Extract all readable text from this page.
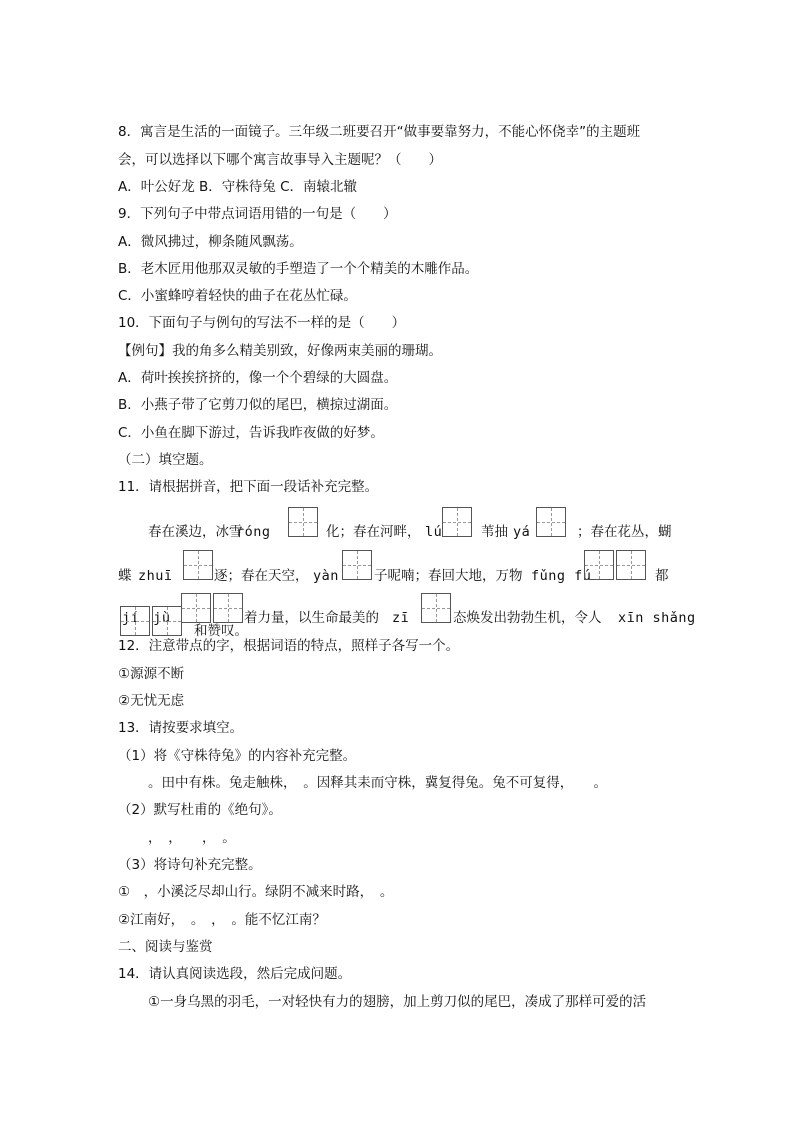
8．寓言是生活的一面镜子。三年级二班要召开“做事要靠努力，不能心怀侥幸”的主题班
会，可以选择以下哪个寓言故事导入主题呢？（　　）
A．叶公好龙 B．守株待兔 C．南辕北辙
9．下列句子中带点词语用错的一句是（　　）
A．微风拂过，柳条随风飘荡。
B．老木匠用他那双灵敏的手塑造了一个个精美的木雕作品。
C．小蜜蜂哼着轻快的曲子在花丛忙碌。
10．下面句子与例句的写法不一样的是（　　）
【例句】我的角多么精美别致，好像两束美丽的珊瑚。
A．荷叶挨挨挤挤的，像一个个碧绿的大圆盘。
B．小燕子带了它剪刀似的尾巴，横掠过湖面。
C．小鱼在脚下游过，告诉我昨夜做的好梦。
（二）填空题。
11．请根据拼音，把下面一段话补充完整。
春在溪边，冰雪
róng	化；春在河畔， lú	苇抽 yá	；春在花丛，蝴
蝶 zhuī	逐；春在天空， yàn	子呢喃；春回大地，万物 fǔng fú	都
jí　jù	着力量，以生命最美的 zī	态焕发出勃勃生机，令人 xīn shǎng
和赞叹。
12．注意带点的字，根据词语的特点，照样子各写一个。
①源源不断
②无忧无虑
13．请按要求填空。
（1）将《守株待兔》的内容补充完整。
。田中有株。兔走触株，　。因释其耒而守株，冀复得兔。兔不可复得，　　。
（2）默写杜甫的《绝句》。
，　，　　，　。
（3）将诗句补充完整。
①　，小溪泛尽却山行。绿阴不减来时路，　。
②江南好，　。　，　。能不忆江南？
二、阅读与鉴赏
14．请认真阅读选段，然后完成问题。
①一身乌黑的羽毛，一对轻快有力的翅膀，加上剪刀似的尾巴，凑成了那样可爱的活
